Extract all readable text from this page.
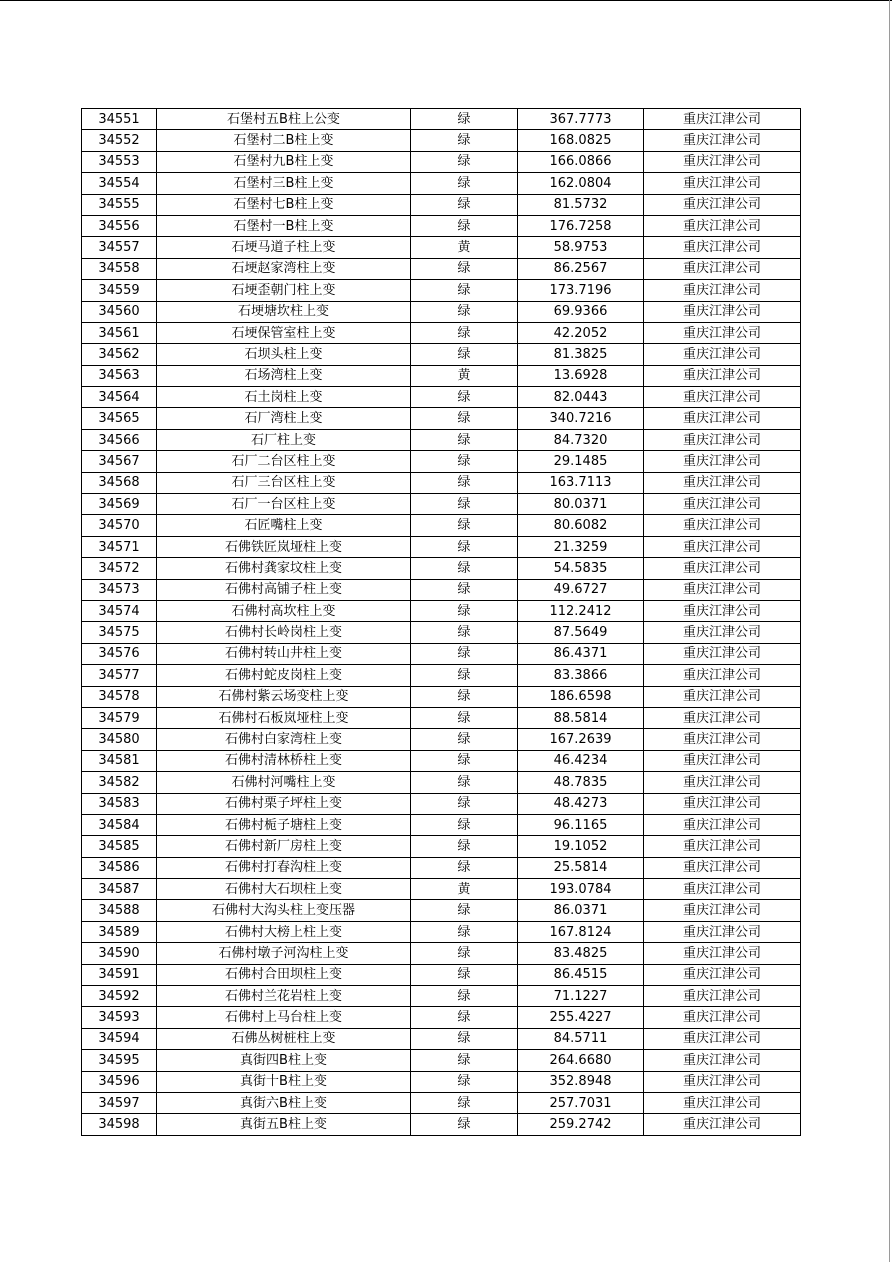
34551	石堡村五B柱上公变	绿	367.7773	重庆江津公司
34552	石堡村二B柱上变	绿	168.0825	重庆江津公司
34553	石堡村九B柱上变	绿	166.0866	重庆江津公司
34554	石堡村三B柱上变	绿	162.0804	重庆江津公司
34555	石堡村七B柱上变	绿	81.5732	重庆江津公司
34556	石堡村一B柱上变	绿	176.7258	重庆江津公司
34557	石埂马道子柱上变	黄	58.9753	重庆江津公司
34558	石埂赵家湾柱上变	绿	86.2567	重庆江津公司
34559	石埂歪朝门柱上变	绿	173.7196	重庆江津公司
34560	石埂塘坎柱上变	绿	69.9366	重庆江津公司
34561	石埂保管室柱上变	绿	42.2052	重庆江津公司
34562	石坝头柱上变	绿	81.3825	重庆江津公司
34563	石场湾柱上变	黄	13.6928	重庆江津公司
34564	石土岗柱上变	绿	82.0443	重庆江津公司
34565	石厂湾柱上变	绿	340.7216	重庆江津公司
34566	石厂柱上变	绿	84.7320	重庆江津公司
34567	石厂二台区柱上变	绿	29.1485	重庆江津公司
34568	石厂三台区柱上变	绿	163.7113	重庆江津公司
34569	石厂一台区柱上变	绿	80.0371	重庆江津公司
34570	石匠嘴柱上变	绿	80.6082	重庆江津公司
34571	石佛铁匠岚垭柱上变	绿	21.3259	重庆江津公司
34572	石佛村龚家坟柱上变	绿	54.5835	重庆江津公司
34573	石佛村高铺子柱上变	绿	49.6727	重庆江津公司
34574	石佛村高坎柱上变	绿	112.2412	重庆江津公司
34575	石佛村长岭岗柱上变	绿	87.5649	重庆江津公司
34576	石佛村转山井柱上变	绿	86.4371	重庆江津公司
34577	石佛村蛇皮岗柱上变	绿	83.3866	重庆江津公司
34578	石佛村紫云场变柱上变	绿	186.6598	重庆江津公司
34579	石佛村石板岚垭柱上变	绿	88.5814	重庆江津公司
34580	石佛村白家湾柱上变	绿	167.2639	重庆江津公司
34581	石佛村清林桥柱上变	绿	46.4234	重庆江津公司
34582	石佛村河嘴柱上变	绿	48.7835	重庆江津公司
34583	石佛村栗子坪柱上变	绿	48.4273	重庆江津公司
34584	石佛村栀子塘柱上变	绿	96.1165	重庆江津公司
34585	石佛村新厂房柱上变	绿	19.1052	重庆江津公司
34586	石佛村打春沟柱上变	绿	25.5814	重庆江津公司
34587	石佛村大石坝柱上变	黄	193.0784	重庆江津公司
34588	石佛村大沟头柱上变压器	绿	86.0371	重庆江津公司
34589	石佛村大榜上柱上变	绿	167.8124	重庆江津公司
34590	石佛村墩子河沟柱上变	绿	83.4825	重庆江津公司
34591	石佛村合田坝柱上变	绿	86.4515	重庆江津公司
34592	石佛村兰花岩柱上变	绿	71.1227	重庆江津公司
34593	石佛村上马台柱上变	绿	255.4227	重庆江津公司
34594	石佛丛树桩柱上变	绿	84.5711	重庆江津公司
34595	真街四B柱上变	绿	264.6680	重庆江津公司
34596	真街十B柱上变	绿	352.8948	重庆江津公司
34597	真街六B柱上变	绿	257.7031	重庆江津公司
34598	真街五B柱上变	绿	259.2742	重庆江津公司
